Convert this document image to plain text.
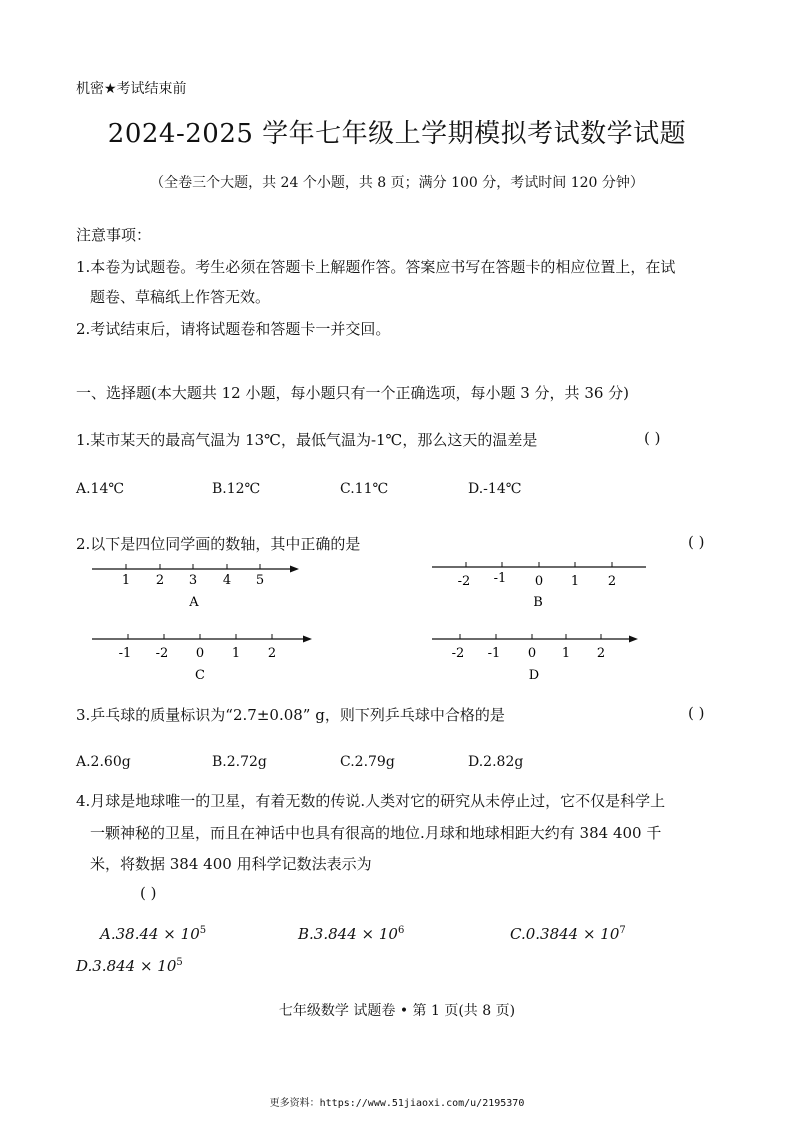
机密★考试结束前
2024-2025 学年七年级上学期模拟考试数学试题
（全卷三个大题，共 24 个小题，共 8 页；满分 100 分，考试时间 120 分钟）
注意事项：
1.本卷为试题卷。考生必须在答题卡上解题作答。答案应书写在答题卡的相应位置上，在试
题卷、草稿纸上作答无效。
2.考试结束后，请将试题卷和答题卡一并交回。
一、选择题(本大题共 12 小题，每小题只有一个正确选项，每小题 3 分，共 36 分)
1.某市某天的最高气温为 13℃，最低气温为-1℃，那么这天的温差是	( )
A.14℃	B.12℃	C.11℃	D.-14℃
2.以下是四位同学画的数轴，其中正确的是	( )
1 2 3 4 5
A
-2 -1 0 1 2
B
-1 -2 0 1 2
C
-2 -1 0 1 2
D
3.乒乓球的质量标识为“2.7±0.08” g，则下列乒乓球中合格的是	( )
A.2.60g	B.2.72g	C.2.79g	D.2.82g
4.月球是地球唯一的卫星，有着无数的传说.人类对它的研究从未停止过，它不仅是科学上
一颗神秘的卫星，而且在神话中也具有很高的地位.月球和地球相距大约有 384 400 千
米，将数据 384 400 用科学记数法表示为
( )
$A.38.44 \times 10^5$	$B.3.844 \times 10^6$	$C.0.3844 \times 10^7$
$D.3.844 \times 10^5$
七年级数学 试题卷 • 第 1 页(共 8 页)
更多资料：https://www.51jiaoxi.com/u/2195370
